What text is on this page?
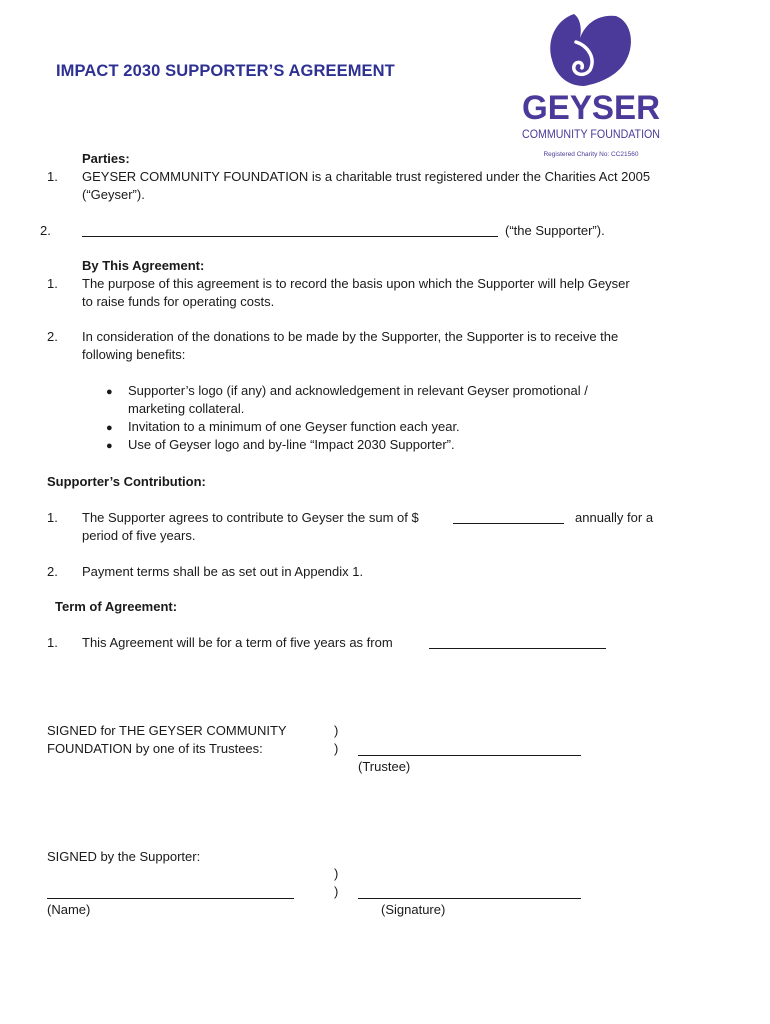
IMPACT 2030 SUPPORTER’S AGREEMENT
GEYSER
COMMUNITY FOUNDATION
Registered Charity No: CC21560
Parties:
1. GEYSER COMMUNITY FOUNDATION is a charitable trust registered under the Charities Act 2005
(“Geyser”).
2.	(“the Supporter”).
By This Agreement:
1. The purpose of this agreement is to record the basis upon which the Supporter will help Geyser
to raise funds for operating costs.
2. In consideration of the donations to be made by the Supporter, the Supporter is to receive the
following benefits:
● Supporter’s logo (if any) and acknowledgement in relevant Geyser promotional /
marketing collateral.
● Invitation to a minimum of one Geyser function each year.
● Use of Geyser logo and by-line “Impact 2030 Supporter”.
Supporter’s Contribution:
1. The Supporter agrees to contribute to Geyser the sum of $	annually for a
period of five years.
2. Payment terms shall be as set out in Appendix 1.
Term of Agreement:
1. This Agreement will be for a term of five years as from
SIGNED for THE GEYSER COMMUNITY
FOUNDATION by one of its Trustees:
)
)
(Trustee)
SIGNED by the Supporter:
)
)
(Name)	(Signature)
